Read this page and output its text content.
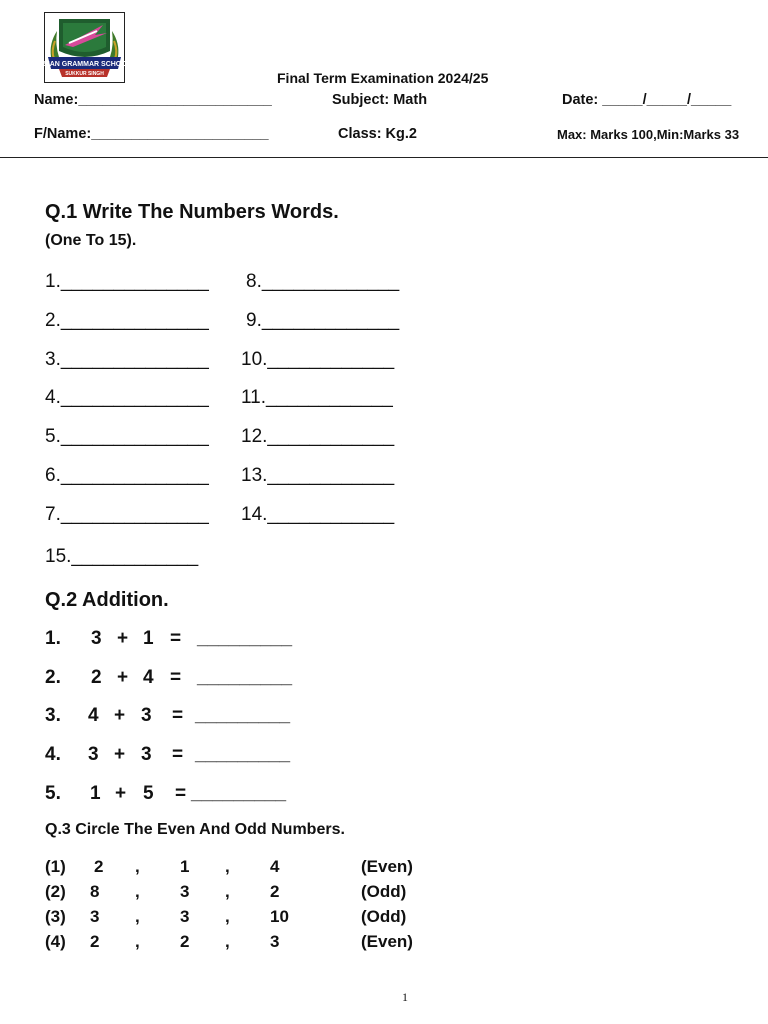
ASIAN GRAMMAR SCHOOL
SUKKUR SINGH	Final Term Examination 2024/25
Name:________________________	Subject: Math	Date: _____/_____/_____
F/Name:______________________	Class: Kg.2	Max: Marks 100,Min:Marks 33
Q.1 Write The Numbers Words.
(One To 15).
1.______________
2.______________
3.______________
4.______________
5.______________
6.______________
7.______________
8._____________
9._____________
10.____________
11.____________
12.____________
13.____________
14.____________
15.____________
Q.2 Addition.
1. 3 + 1 = _________
2. 2 + 4 = _________
3. 4 + 3 = _________
4. 3 + 3 = _________
5. 1 + 5 = _________
Q.3 Circle The Even And Odd Numbers.
(1) 2 , 1 , 4	(Even)
(2) 8 , 3 , 2	(Odd)
(3) 3 , 3 , 10	(Odd)
(4) 2 , 2 , 3	(Even)
1
